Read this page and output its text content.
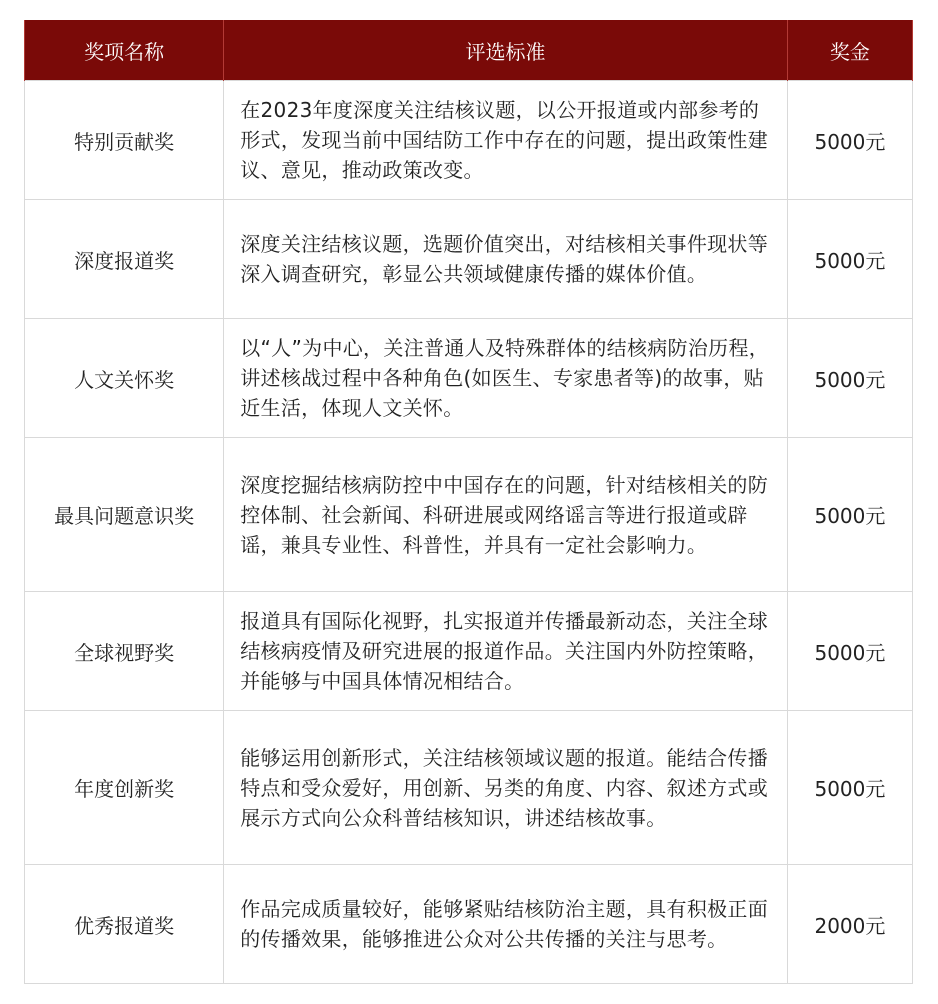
奖项名称	评选标准	奖金
特别贡献奖	在2023年度深度关注结核议题，以公开报道或内部参考的形式，发现当前中国结防工作中存在的问题，提出政策性建议、意见，推动政策改变。	5000元
深度报道奖	深度关注结核议题，选题价值突出，对结核相关事件现状等深入调查研究，彰显公共领域健康传播的媒体价值。	5000元
人文关怀奖	以“人”为中心，关注普通人及特殊群体的结核病防治历程，讲述核战过程中各种角色(如医生、专家患者等)的故事，贴近生活，体现人文关怀。	5000元
最具问题意识奖	深度挖掘结核病防控中中国存在的问题，针对结核相关的防控体制、社会新闻、科研进展或网络谣言等进行报道或辟谣，兼具专业性、科普性，并具有一定社会影响力。	5000元
全球视野奖	报道具有国际化视野，扎实报道并传播最新动态，关注全球结核病疫情及研究进展的报道作品。关注国内外防控策略，并能够与中国具体情况相结合。	5000元
年度创新奖	能够运用创新形式，关注结核领域议题的报道。能结合传播特点和受众爱好，用创新、另类的角度、内容、叙述方式或展示方式向公众科普结核知识，讲述结核故事。	5000元
优秀报道奖	作品完成质量较好，能够紧贴结核防治主题，具有积极正面的传播效果，能够推进公众对公共传播的关注与思考。	2000元
